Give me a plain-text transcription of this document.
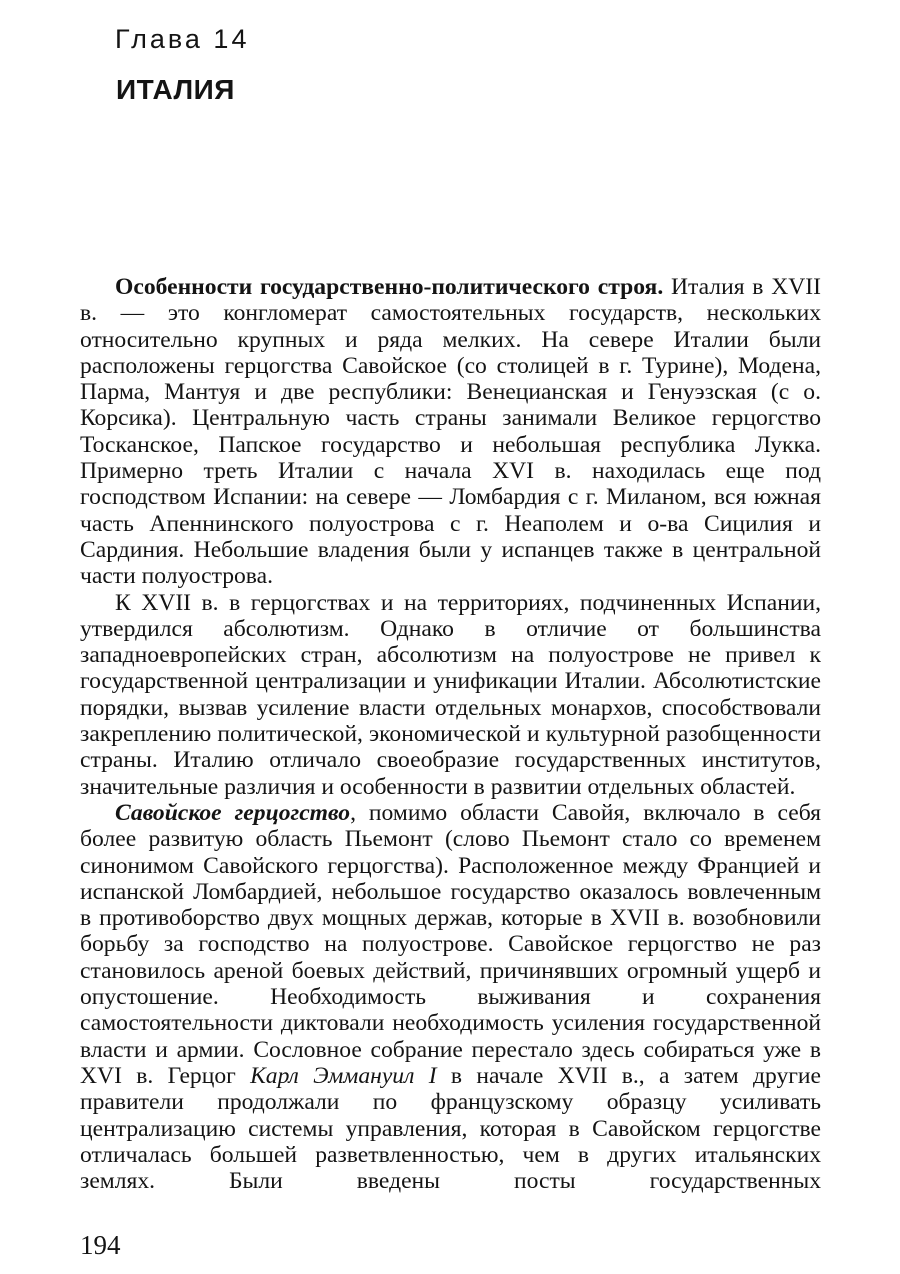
Глава 14
ИТАЛИЯ

Особенности государственно-политического строя. Италия в XVII в. — это конгломерат самостоятельных государств, нескольких относительно крупных и ряда мелких. На севере Италии были расположены герцогства Савойское (со столицей в г. Турине), Модена, Парма, Мантуя и две республики: Венецианская и Генуэзская (с о. Корсика). Центральную часть страны занимали Великое герцогство Тосканское, Папское государство и небольшая республика Лукка. Примерно треть Италии с начала XVI в. находилась еще под господством Испании: на севере — Ломбардия с г. Миланом, вся южная часть Апеннинского полуострова с г. Неаполем и о-ва Сицилия и Сардиния. Небольшие владения были у испанцев также в центральной части полуострова.

К XVII в. в герцогствах и на территориях, подчиненных Испании, утвердился абсолютизм. Однако в отличие от большинства западноевропейских стран, абсолютизм на полуострове не привел к государственной централизации и унификации Италии. Абсолютистские порядки, вызвав усиление власти отдельных монархов, способствовали закреплению политической, экономической и культурной разобщенности страны. Италию отличало своеобразие государственных институтов, значительные различия и особенности в развитии отдельных областей.

Савойское герцогство, помимо области Савойя, включало в себя более развитую область Пьемонт (слово Пьемонт стало со временем синонимом Савойского герцогства). Расположенное между Францией и испанской Ломбардией, небольшое государство оказалось вовлеченным в противоборство двух мощных держав, которые в XVII в. возобновили борьбу за господство на полуострове. Савойское герцогство не раз становилось ареной боевых действий, причинявших огромный ущерб и опустошение. Необходимость выживания и сохранения самостоятельности диктовали необходимость усиления государственной власти и армии. Сословное собрание перестало здесь собираться уже в XVI в. Герцог Карл Эммануил I в начале XVII в., а затем другие правители продолжали по французскому образцу усиливать централизацию системы управления, которая в Савойском герцогстве отличалась большей разветвленностью, чем в других итальянских землях. Были введены посты государственных

194
